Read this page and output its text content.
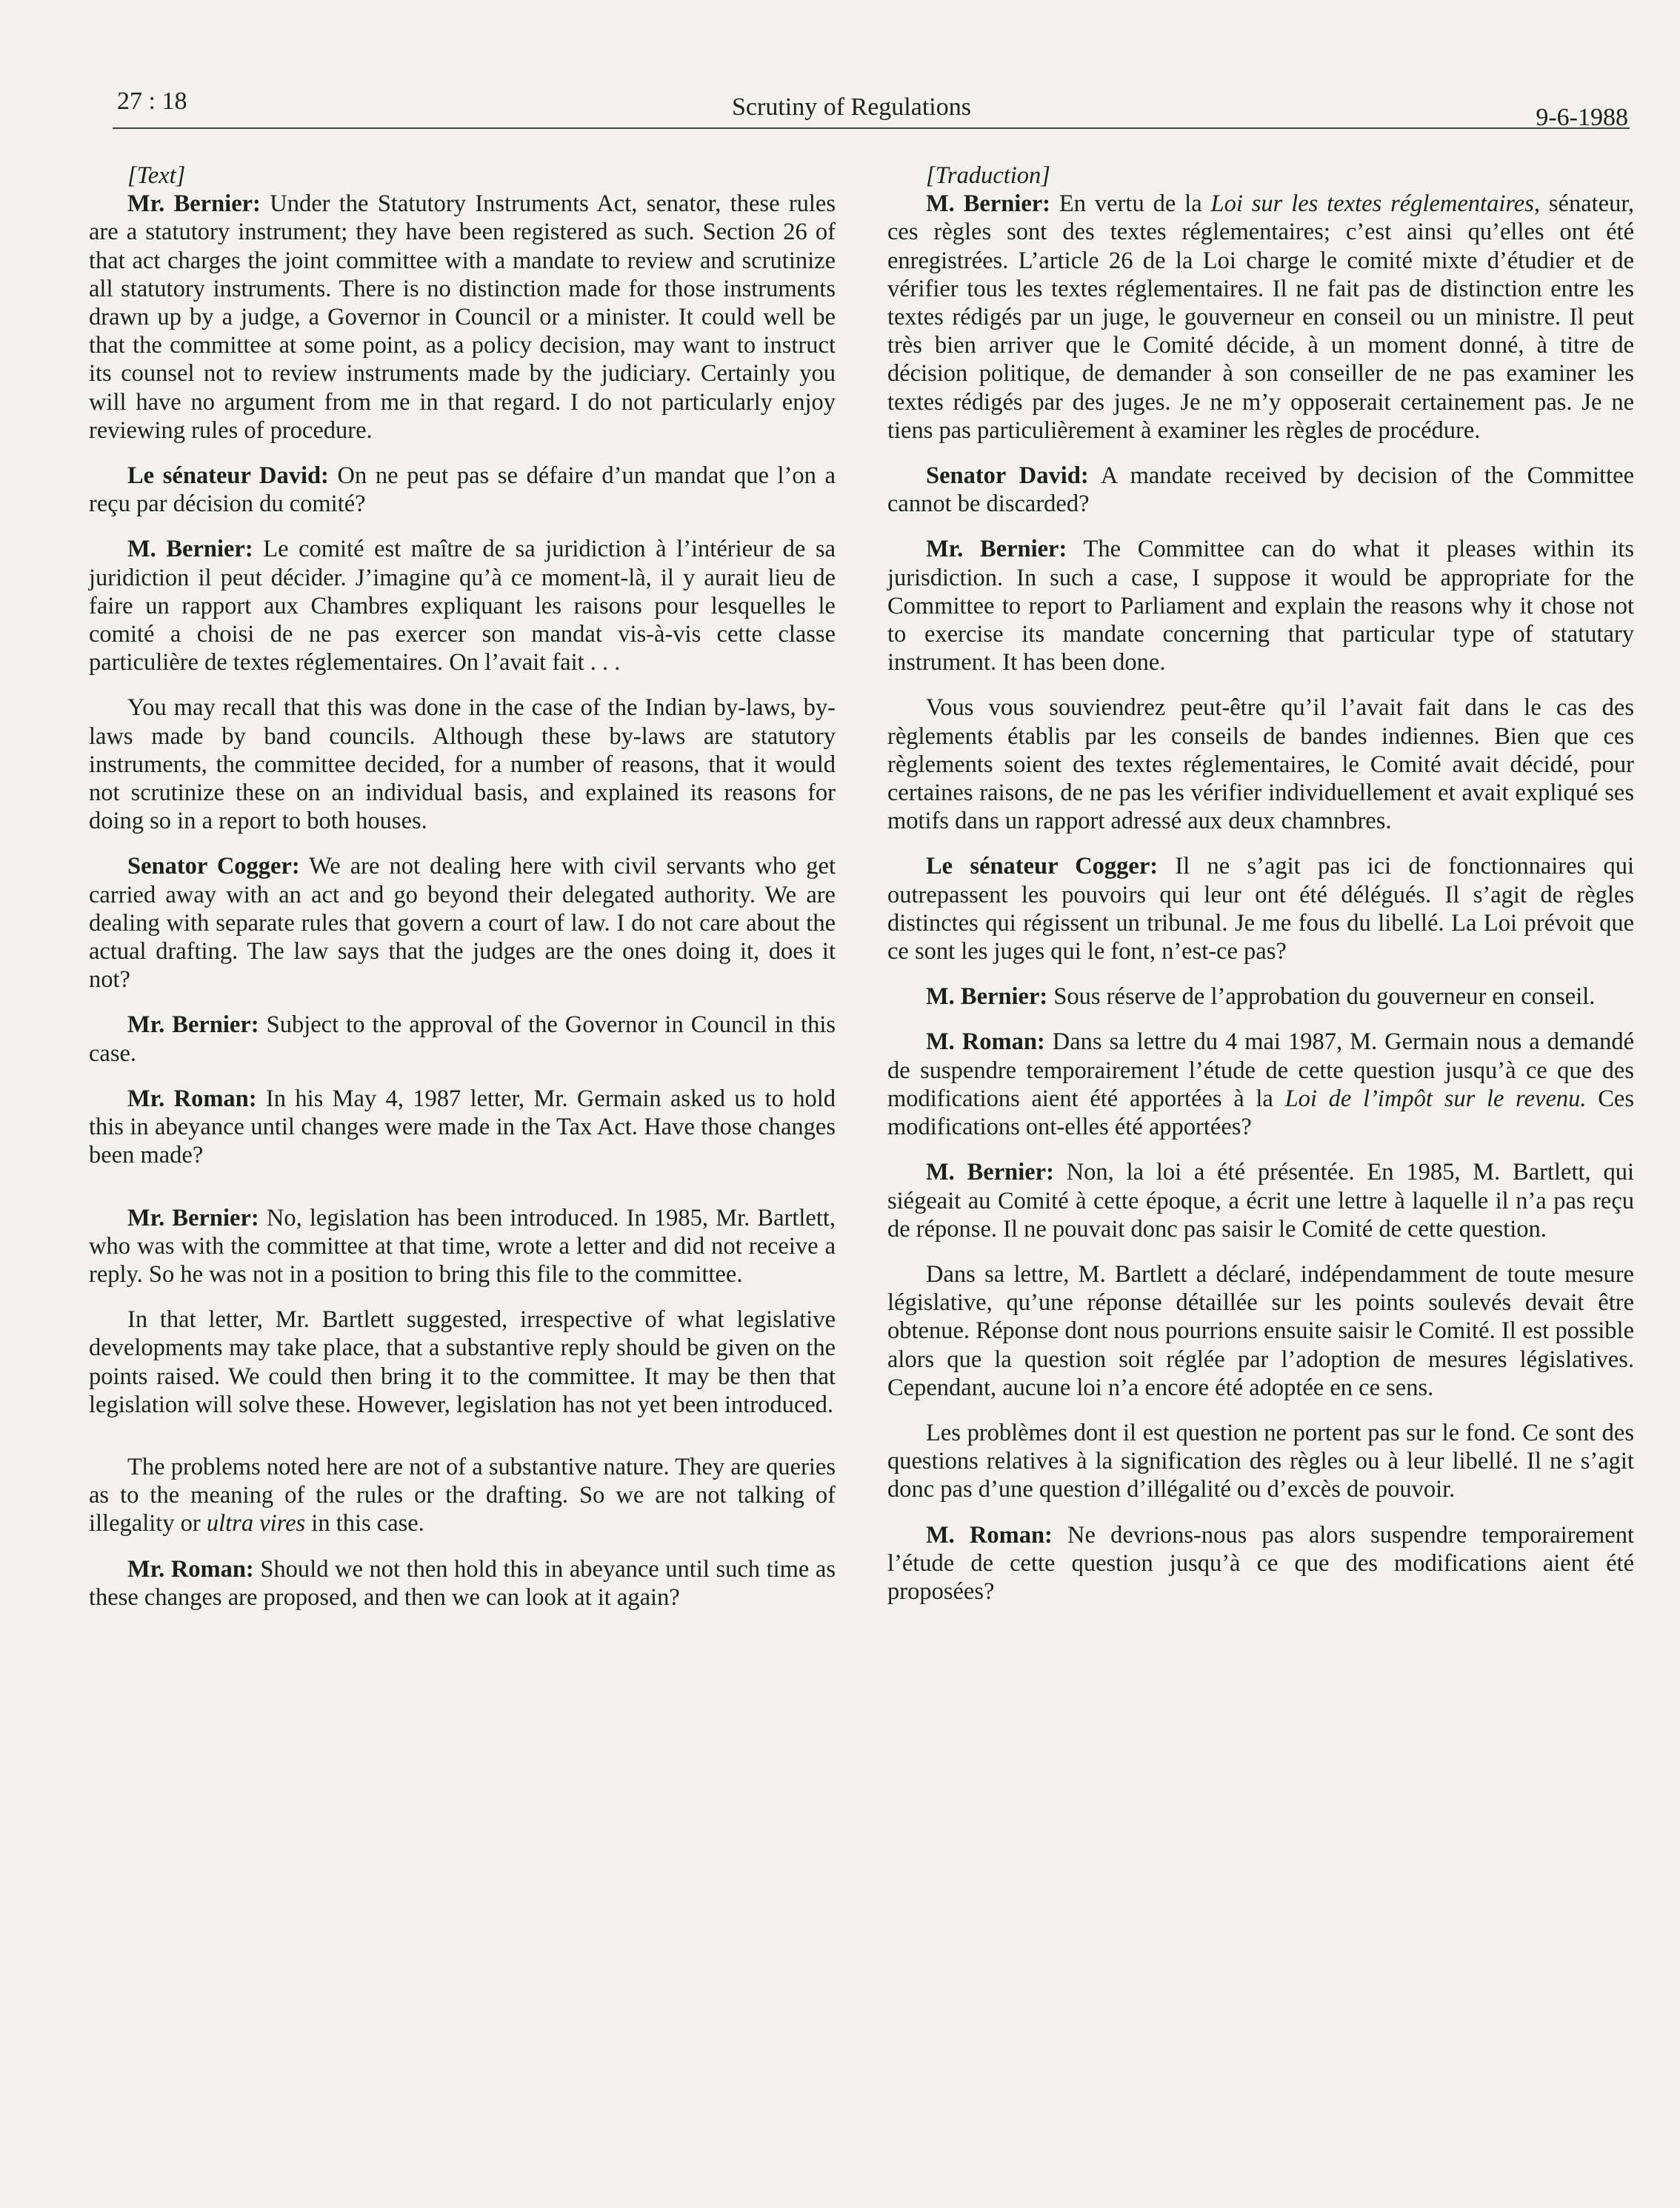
27 : 18	Scrutiny of Regulations	9-6-1988

[Text]

Mr. Bernier: Under the Statutory Instruments Act, senator, these rules are a statutory instrument; they have been registered as such. Section 26 of that act charges the joint committee with a mandate to review and scrutinize all statutory instruments. There is no distinction made for those instruments drawn up by a judge, a Governor in Council or a minister. It could well be that the committee at some point, as a policy decision, may want to instruct its counsel not to review instruments made by the judiciary. Certainly you will have no argument from me in that regard. I do not particularly enjoy reviewing rules of procedure.

Le sénateur David: On ne peut pas se défaire d’un mandat que l’on a reçu par décision du comité?

M. Bernier: Le comité est maître de sa juridiction à l’intérieur de sa juridiction il peut décider. J’imagine qu’à ce moment-là, il y aurait lieu de faire un rapport aux Chambres expliquant les raisons pour lesquelles le comité a choisi de ne pas exercer son mandat vis-à-vis cette classe particulière de textes réglementaires. On l’avait fait . . .

You may recall that this was done in the case of the Indian by-laws, by-laws made by band councils. Although these by-laws are statutory instruments, the committee decided, for a number of reasons, that it would not scrutinize these on an individual basis, and explained its reasons for doing so in a report to both houses.

Senator Cogger: We are not dealing here with civil servants who get carried away with an act and go beyond their delegated authority. We are dealing with separate rules that govern a court of law. I do not care about the actual drafting. The law says that the judges are the ones doing it, does it not?

Mr. Bernier: Subject to the approval of the Governor in Council in this case.

Mr. Roman: In his May 4, 1987 letter, Mr. Germain asked us to hold this in abeyance until changes were made in the Tax Act. Have those changes been made?

Mr. Bernier: No, legislation has been introduced. In 1985, Mr. Bartlett, who was with the committee at that time, wrote a letter and did not receive a reply. So he was not in a position to bring this file to the committee.

In that letter, Mr. Bartlett suggested, irrespective of what legislative developments may take place, that a substantive reply should be given on the points raised. We could then bring it to the committee. It may be then that legislation will solve these. However, legislation has not yet been introduced.

The problems noted here are not of a substantive nature. They are queries as to the meaning of the rules or the drafting. So we are not talking of illegality or ultra vires in this case.

Mr. Roman: Should we not then hold this in abeyance until such time as these changes are proposed, and then we can look at it again?

[Traduction]

M. Bernier: En vertu de la Loi sur les textes réglementaires, sénateur, ces règles sont des textes réglementaires; c’est ainsi qu’elles ont été enregistrées. L’article 26 de la Loi charge le comité mixte d’étudier et de vérifier tous les textes réglementaires. Il ne fait pas de distinction entre les textes rédigés par un juge, le gouverneur en conseil ou un ministre. Il peut très bien arriver que le Comité décide, à un moment donné, à titre de décision politique, de demander à son conseiller de ne pas examiner les textes rédigés par des juges. Je ne m’y opposerait certainement pas. Je ne tiens pas particulièrement à examiner les règles de procédure.

Senator David: A mandate received by decision of the Committee cannot be discarded?

Mr. Bernier: The Committee can do what it pleases within its jurisdiction. In such a case, I suppose it would be appropriate for the Committee to report to Parliament and explain the reasons why it chose not to exercise its mandate concerning that particular type of statutary instrument. It has been done.

Vous vous souviendrez peut-être qu’il l’avait fait dans le cas des règlements établis par les conseils de bandes indiennes. Bien que ces règlements soient des textes réglementaires, le Comité avait décidé, pour certaines raisons, de ne pas les vérifier individuellement et avait expliqué ses motifs dans un rapport adressé aux deux chamnbres.

Le sénateur Cogger: Il ne s’agit pas ici de fonctionnaires qui outrepassent les pouvoirs qui leur ont été délégués. Il s’agit de règles distinctes qui régissent un tribunal. Je me fous du libellé. La Loi prévoit que ce sont les juges qui le font, n’est-ce pas?

M. Bernier: Sous réserve de l’approbation du gouverneur en conseil.

M. Roman: Dans sa lettre du 4 mai 1987, M. Germain nous a demandé de suspendre temporairement l’étude de cette question jusqu’à ce que des modifications aient été apportées à la Loi de l’impôt sur le revenu. Ces modifications ont-elles été apportées?

M. Bernier: Non, la loi a été présentée. En 1985, M. Bartlett, qui siégeait au Comité à cette époque, a écrit une lettre à laquelle il n’a pas reçu de réponse. Il ne pouvait donc pas saisir le Comité de cette question.

Dans sa lettre, M. Bartlett a déclaré, indépendamment de toute mesure législative, qu’une réponse détaillée sur les points soulevés devait être obtenue. Réponse dont nous pourrions ensuite saisir le Comité. Il est possible alors que la question soit réglée par l’adoption de mesures législatives. Cependant, aucune loi n’a encore été adoptée en ce sens.

Les problèmes dont il est question ne portent pas sur le fond. Ce sont des questions relatives à la signification des règles ou à leur libellé. Il ne s’agit donc pas d’une question d’illégalité ou d’excès de pouvoir.

M. Roman: Ne devrions-nous pas alors suspendre temporairement l’étude de cette question jusqu’à ce que des modifications aient été proposées?
